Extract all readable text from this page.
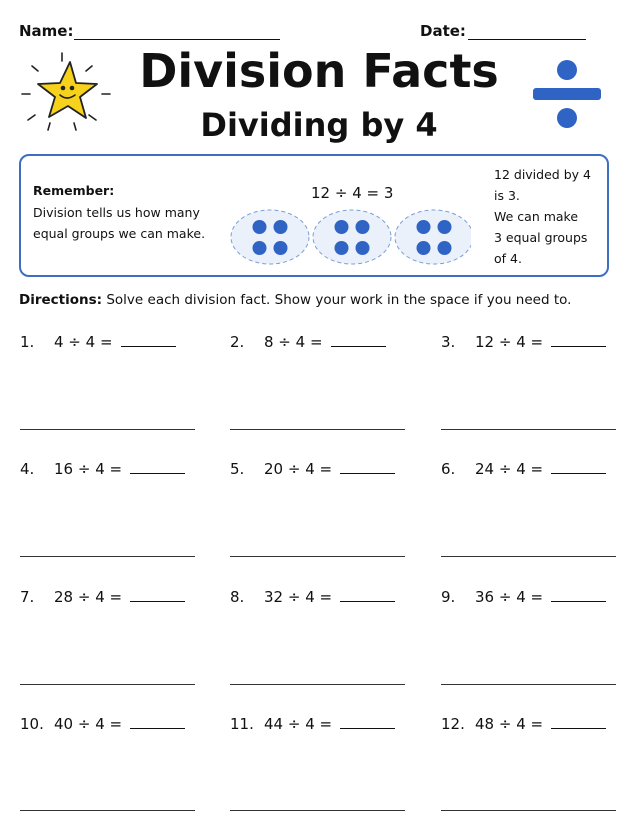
Name:	Date:
Division Facts
Dividing by 4
Remember:
Division tells us how many
equal groups we can make.
12 ÷ 4 = 3
12 divided by 4
is 3.
We can make
3 equal groups
of 4.
Directions: Solve each division fact. Show your work in the space if you need to.
1. 4 ÷ 4 =	2. 8 ÷ 4 =	3. 12 ÷ 4 =
4. 16 ÷ 4 =	5. 20 ÷ 4 =	6. 24 ÷ 4 =
7. 28 ÷ 4 =	8. 32 ÷ 4 =	9. 36 ÷ 4 =
10. 40 ÷ 4 =	11. 44 ÷ 4 =	12. 48 ÷ 4 =
